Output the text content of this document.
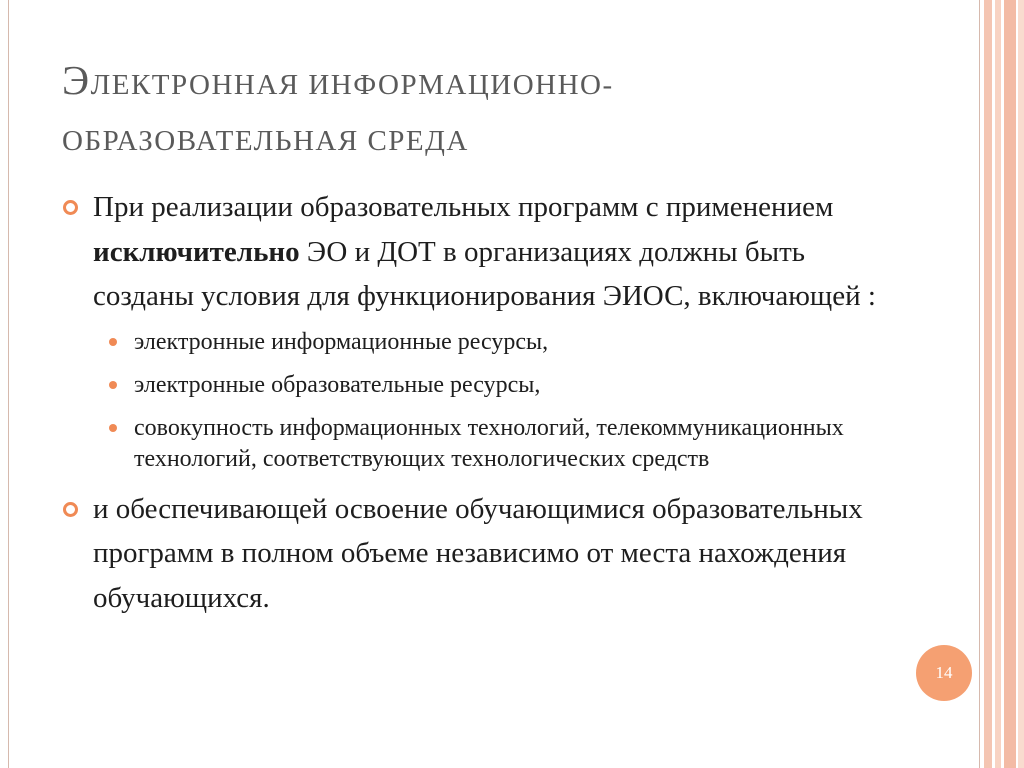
ЭЛЕКТРОННАЯ ИНФОРМАЦИОННО-
ОБРАЗОВАТЕЛЬНАЯ СРЕДА

При реализации образовательных программ с применением исключительно ЭО и ДОТ в организациях должны быть созданы условия для функционирования ЭИОС, включающей :

электронные информационные ресурсы,
электронные образовательные ресурсы,
совокупность информационных технологий, телекоммуникационных технологий, соответствующих технологических средств

и обеспечивающей освоение обучающимися образовательных программ в полном объеме независимо от места нахождения обучающихся.

14
